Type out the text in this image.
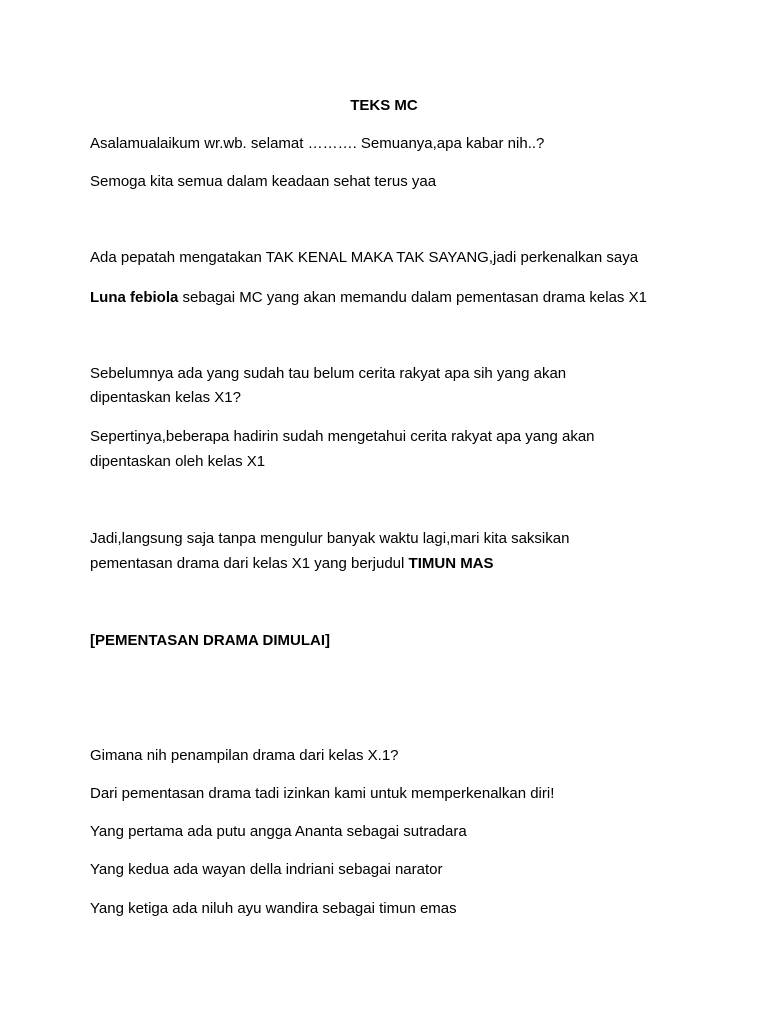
TEKS MC
Asalamualaikum wr.wb. selamat ………. Semuanya,apa kabar nih..?
Semoga kita semua dalam keadaan sehat terus yaa
Ada pepatah mengatakan TAK KENAL MAKA TAK SAYANG,jadi perkenalkan saya
Luna febiola sebagai MC yang akan memandu dalam pementasan drama kelas X1
Sebelumnya ada yang sudah tau belum cerita rakyat apa sih yang akan
dipentaskan kelas X1?
Sepertinya,beberapa hadirin sudah mengetahui cerita rakyat apa yang akan
dipentaskan oleh kelas X1
Jadi,langsung saja tanpa mengulur banyak waktu lagi,mari kita saksikan
pementasan drama dari kelas X1 yang berjudul TIMUN MAS
[PEMENTASAN DRAMA DIMULAI]
Gimana nih penampilan drama dari kelas X.1?
Dari pementasan drama tadi izinkan kami untuk memperkenalkan diri!
Yang pertama ada putu angga Ananta sebagai sutradara
Yang kedua ada wayan della indriani sebagai narator
Yang ketiga ada niluh ayu wandira sebagai timun emas
